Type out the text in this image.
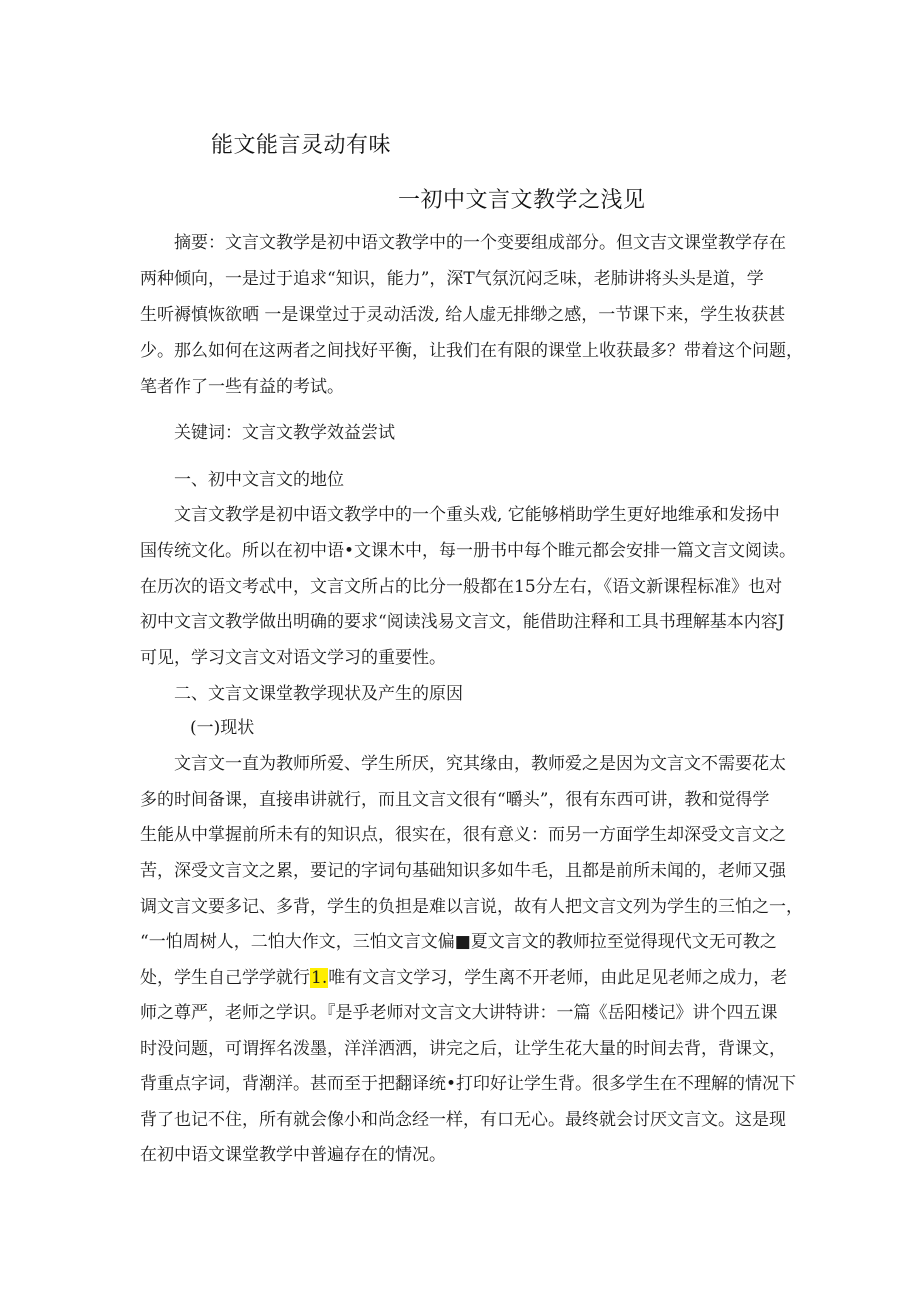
能文能言灵动有味
一初中文言文教学之浅见
摘要：文言文教学是初中语文教学中的一个变要组成部分。但文吉文课堂教学存在
两种倾向，一是过于追求“知识，能力”，深T气氛沉闷乏味，老肺讲将头头是道，学
生听褥慎恢欲晒 一是课堂过于灵动活泼, 给人虚无排缈之感，一节课下来，学生妆获甚
少。那么如何在这两者之间找好平衡，让我们在有限的课堂上收获最多？带着这个问题，
笔者作了一些有益的考试。
关键词：文言文教学效益尝试
一、初中文言文的地位
文言文教学是初中语文教学中的一个重头戏, 它能够梢助学生更好地维承和发扬中
国传统文化。所以在初中语•文课木中，每一册书中每个睢元都会安排一篇文言文阅读。
在历次的语文考忒中，文言文所占的比分一般都在15分左右，《语文新课程标准》也对
初中文言文教学做出明确的要求“阅读浅易文言文，能借助注释和工具书理解基本内容J
可见，学习文言文对语文学习的重要性。
二、文言文课堂教学现状及产生的原因
(一)现状
文言文一直为教师所爱、学生所厌，究其缘由，教师爱之是因为文言文不需要花太
多的时间备课，直接串讲就行，而且文言文很有“嚼头”，很有东西可讲，教和觉得学
生能从中掌握前所未有的知识点，很实在，很有意义：而另一方面学生却深受文言文之
苦，深受文言文之累，要记的字词句基础知识多如牛毛，且都是前所未闻的，老师又强
调文言文要多记、多背，学生的负担是难以言说，故有人把文言文列为学生的三怕之一，
“一怕周树人，二怕大作文，三怕文言文偏■夏文言文的教师拉至觉得现代文无可教之
处，学生自己学学就行1.唯有文言文学习，学生离不开老师，由此足见老师之成力，老
师之尊严，老师之学识。『是乎老师对文言文大讲特讲：一篇《岳阳楼记》讲个四五课
时没问题，可谓挥名泼墨，洋洋洒洒，讲完之后，让学生花大量的时间去背，背课文，
背重点字词，背潮洋。甚而至于把翻译统•打印好让学生背。很多学生在不理解的情况下
背了也记不住，所有就会像小和尚念经一样，有口无心。最终就会讨厌文言文。这是现
在初中语文课堂教学中普遍存在的情况。
